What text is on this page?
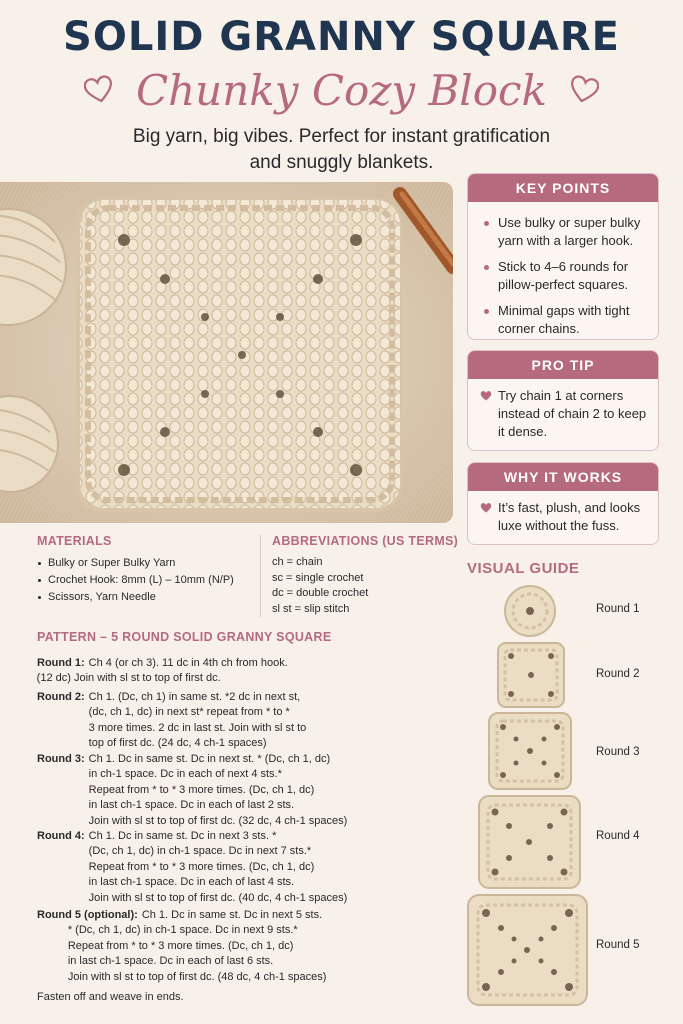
SOLID GRANNY SQUARE
Chunky Cozy Block
Big yarn, big vibes. Perfect for instant gratification
and snuggly blankets.
KEY POINTS
Use bulky or super bulky yarn with a larger hook.
Stick to 4–6 rounds for pillow-perfect squares.
Minimal gaps with tight corner chains.
PRO TIP
Try chain 1 at corners instead of chain 2 to keep it dense.
WHY IT WORKS
It’s fast, plush, and looks luxe without the fuss.
MATERIALS
Bulky or Super Bulky Yarn
Crochet Hook: 8mm (L) – 10mm (N/P)
Scissors, Yarn Needle
ABBREVIATIONS (US TERMS)
ch = chain
sc = single crochet
dc = double crochet
sl st = slip stitch
PATTERN – 5 ROUND SOLID GRANNY SQUARE
Round 1: Ch 4 (or ch 3). 11 dc in 4th ch from hook.
(12 dc) Join with sl st to top of first dc.
Round 2: Ch 1. (Dc, ch 1) in same st. *2 dc in next st,
(dc, ch 1, dc) in next st* repeat from * to *
3 more times. 2 dc in last st. Join with sl st to
top of first dc. (24 dc, 4 ch-1 spaces)
Round 3: Ch 1. Dc in same st. Dc in next st. * (Dc, ch 1, dc)
in ch-1 space. Dc in each of next 4 sts.*
Repeat from * to * 3 more times. (Dc, ch 1, dc)
in last ch-1 space. Dc in each of last 2 sts.
Join with sl st to top of first dc. (32 dc, 4 ch-1 spaces)
Round 4: Ch 1. Dc in same st. Dc in next 3 sts. *
(Dc, ch 1, dc) in ch-1 space. Dc in next 7 sts.*
Repeat from * to * 3 more times. (Dc, ch 1, dc)
in last ch-1 space. Dc in each of last 4 sts.
Join with sl st to top of first dc. (40 dc, 4 ch-1 spaces)
Round 5 (optional): Ch 1. Dc in same st. Dc in next 5 sts.
* (Dc, ch 1, dc) in ch-1 space. Dc in next 9 sts.*
Repeat from * to * 3 more times. (Dc, ch 1, dc)
in last ch-1 space. Dc in each of last 6 sts.
Join with sl st to top of first dc. (48 dc, 4 ch-1 spaces)
Fasten off and weave in ends.
VISUAL GUIDE
Round 1
Round 2
Round 3
Round 4
Round 5
